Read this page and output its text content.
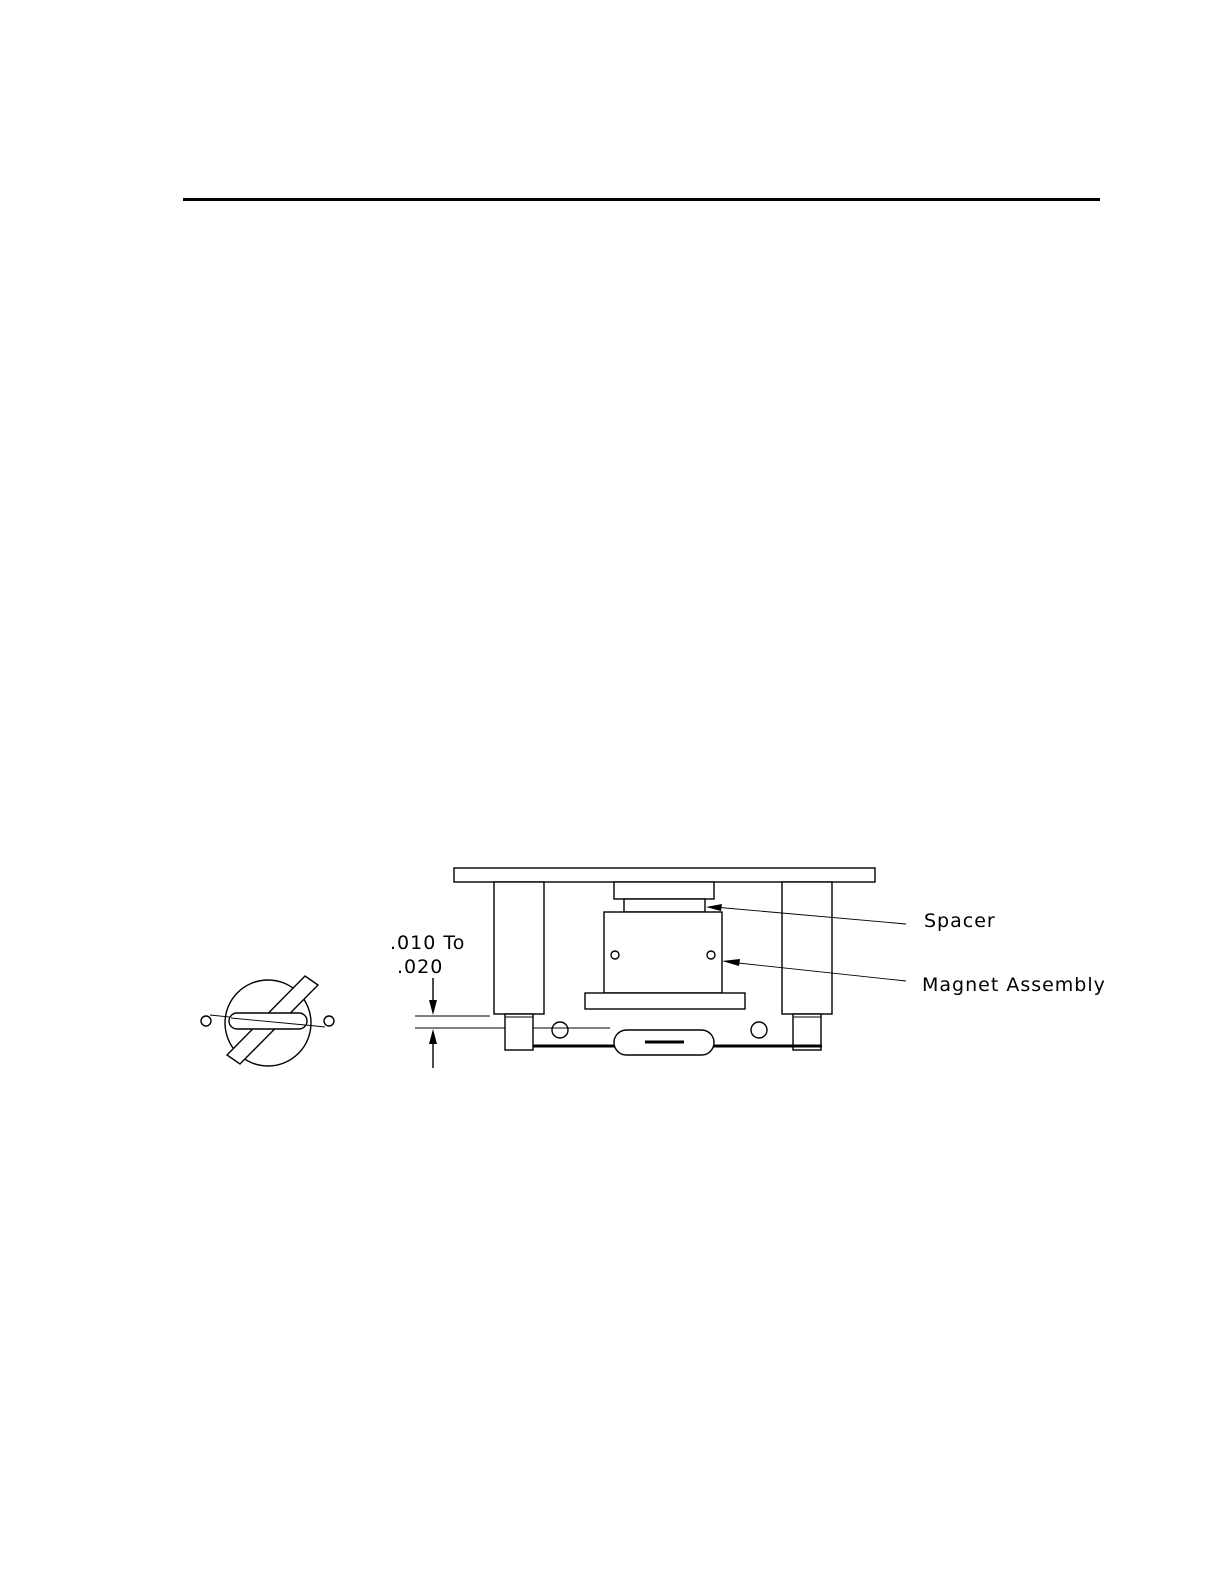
.010 To
.020
Spacer
Magnet Assembly
